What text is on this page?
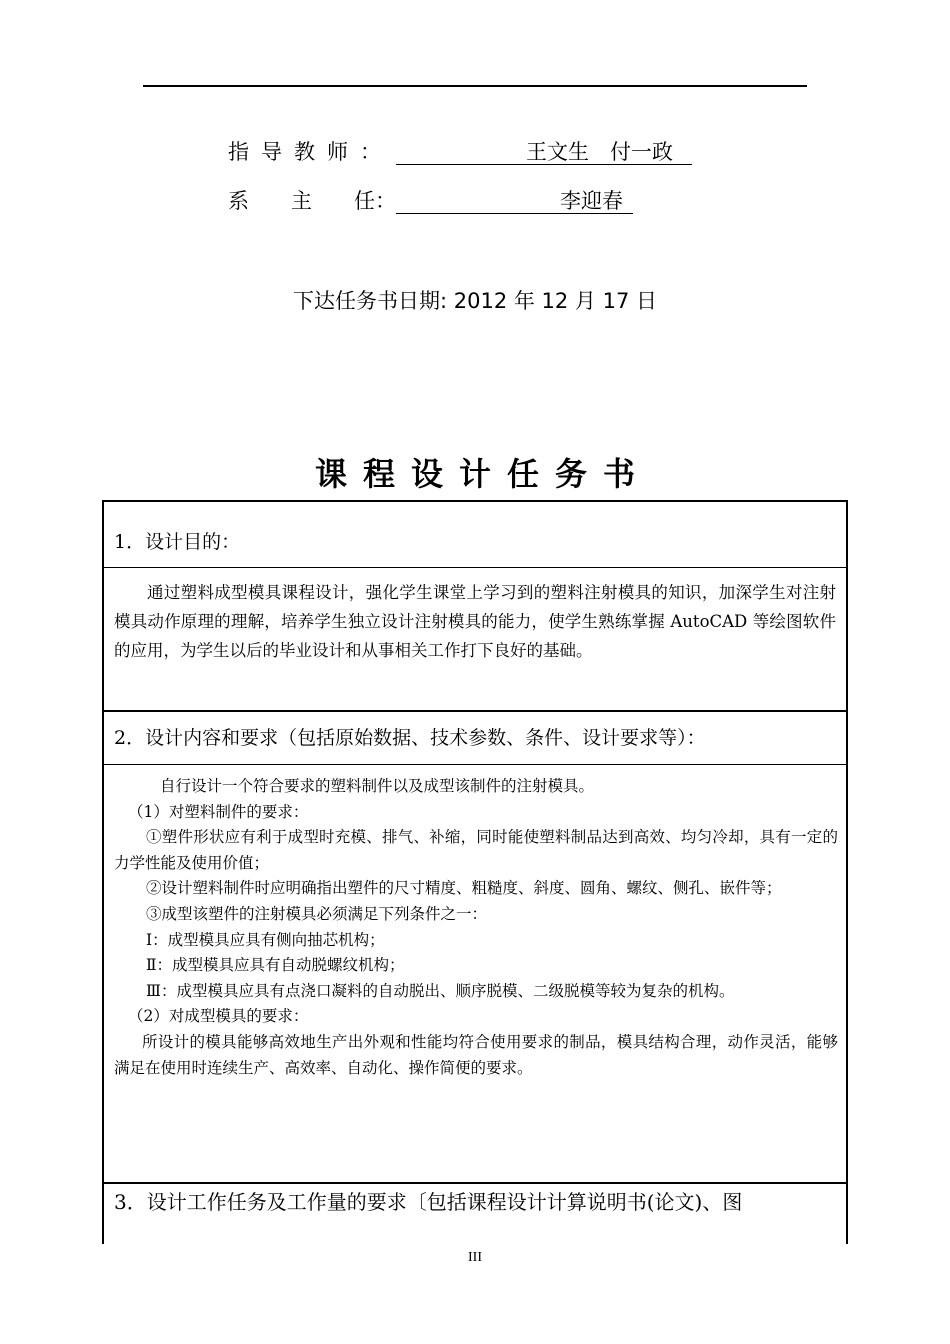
指导教师：	王文生　付一政
系　　主　　任：	李迎春
下达任务书日期: 2012 年 12 月 17 日
课程设计任务书
1．设计目的：

通过塑料成型模具课程设计，强化学生课堂上学习到的塑料注射模具的知识，加深学生对注射模具动作原理的理解，培养学生独立设计注射模具的能力，使学生熟练掌握 AutoCAD 等绘图软件的应用，为学生以后的毕业设计和从事相关工作打下良好的基础。

2．设计内容和要求（包括原始数据、技术参数、条件、设计要求等）：

自行设计一个符合要求的塑料制件以及成型该制件的注射模具。

（1）对塑料制件的要求：

①塑件形状应有利于成型时充模、排气、补缩，同时能使塑料制品达到高效、均匀冷却，具有一定的力学性能及使用价值；

②设计塑料制件时应明确指出塑件的尺寸精度、粗糙度、斜度、圆角、螺纹、侧孔、嵌件等；

③成型该塑件的注射模具必须满足下列条件之一：

Ⅰ：成型模具应具有侧向抽芯机构；

Ⅱ：成型模具应具有自动脱螺纹机构；

Ⅲ：成型模具应具有点浇口凝料的自动脱出、顺序脱模、二级脱模等较为复杂的机构。

（2）对成型模具的要求：

所设计的模具能够高效地生产出外观和性能均符合使用要求的制品，模具结构合理，动作灵活，能够满足在使用时连续生产、高效率、自动化、操作简便的要求。

3．设计工作任务及工作量的要求〔包括课程设计计算说明书(论文)、图
III
